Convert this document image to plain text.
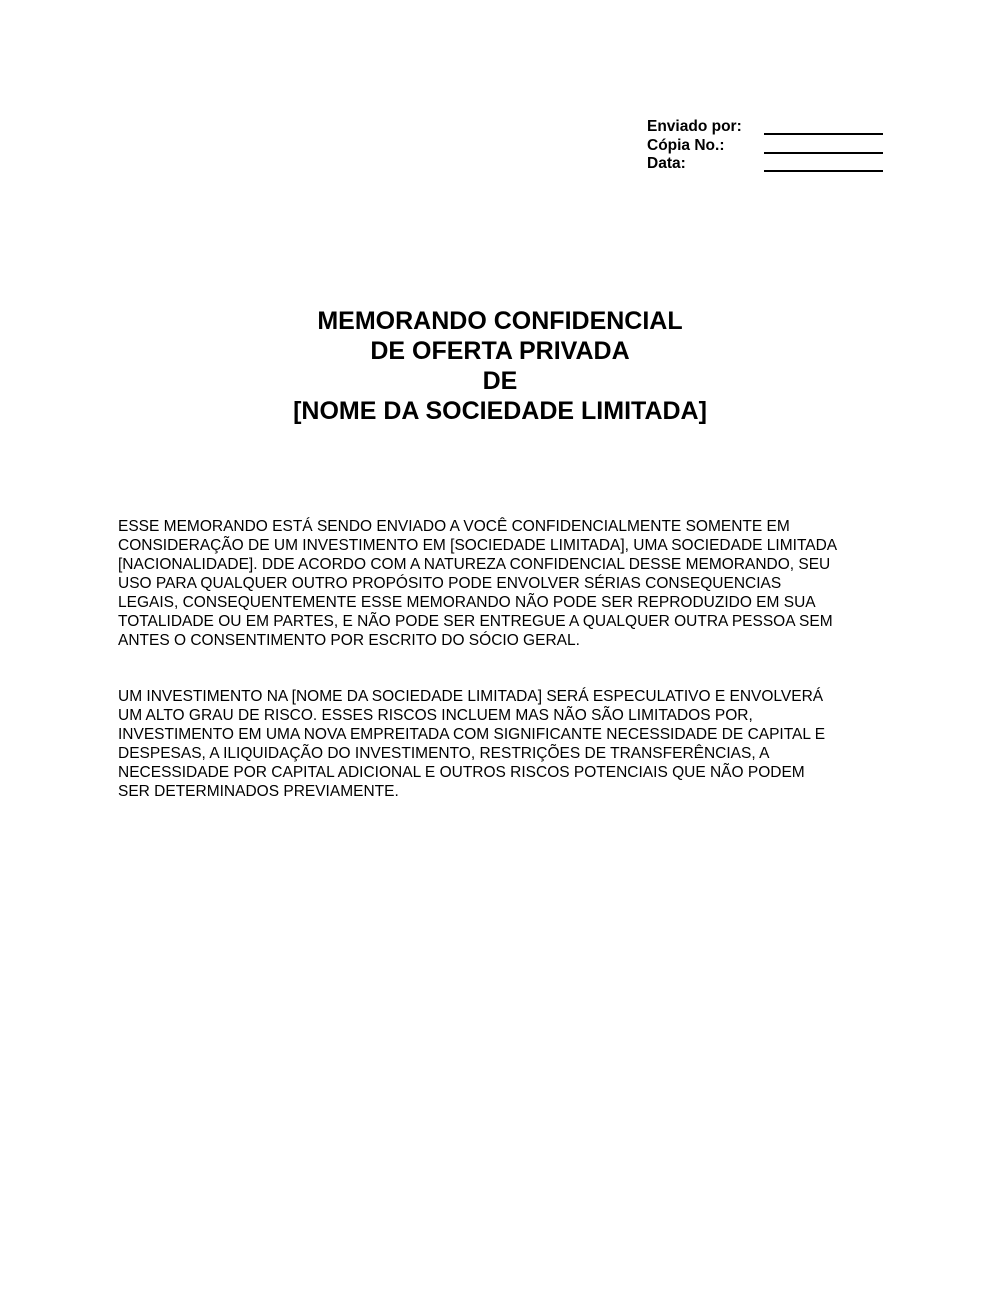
Enviado por:
Cópia No.:
Data:
MEMORANDO CONFIDENCIAL
DE OFERTA PRIVADA
DE
[NOME DA SOCIEDADE LIMITADA]
ESSE MEMORANDO ESTÁ SENDO ENVIADO A VOCÊ CONFIDENCIALMENTE SOMENTE EM
CONSIDERAÇÃO DE UM INVESTIMENTO EM [SOCIEDADE LIMITADA], UMA SOCIEDADE LIMITADA
[NACIONALIDADE]. DDE ACORDO COM A NATUREZA CONFIDENCIAL DESSE MEMORANDO, SEU
USO PARA QUALQUER OUTRO PROPÓSITO PODE ENVOLVER SÉRIAS CONSEQUENCIAS
LEGAIS, CONSEQUENTEMENTE ESSE MEMORANDO NÃO PODE SER REPRODUZIDO EM SUA
TOTALIDADE OU EM PARTES, E NÃO PODE SER ENTREGUE A QUALQUER OUTRA PESSOA SEM
ANTES O CONSENTIMENTO POR ESCRITO DO SÓCIO GERAL.
UM INVESTIMENTO NA [NOME DA SOCIEDADE LIMITADA] SERÁ ESPECULATIVO E ENVOLVERÁ
UM ALTO GRAU DE RISCO. ESSES RISCOS INCLUEM MAS NÃO SÃO LIMITADOS POR,
INVESTIMENTO EM UMA NOVA EMPREITADA COM SIGNIFICANTE NECESSIDADE DE CAPITAL E
DESPESAS, A ILIQUIDAÇÃO DO INVESTIMENTO, RESTRIÇÕES DE TRANSFERÊNCIAS, A
NECESSIDADE POR CAPITAL ADICIONAL E OUTROS RISCOS POTENCIAIS QUE NÃO PODEM
SER DETERMINADOS PREVIAMENTE.
